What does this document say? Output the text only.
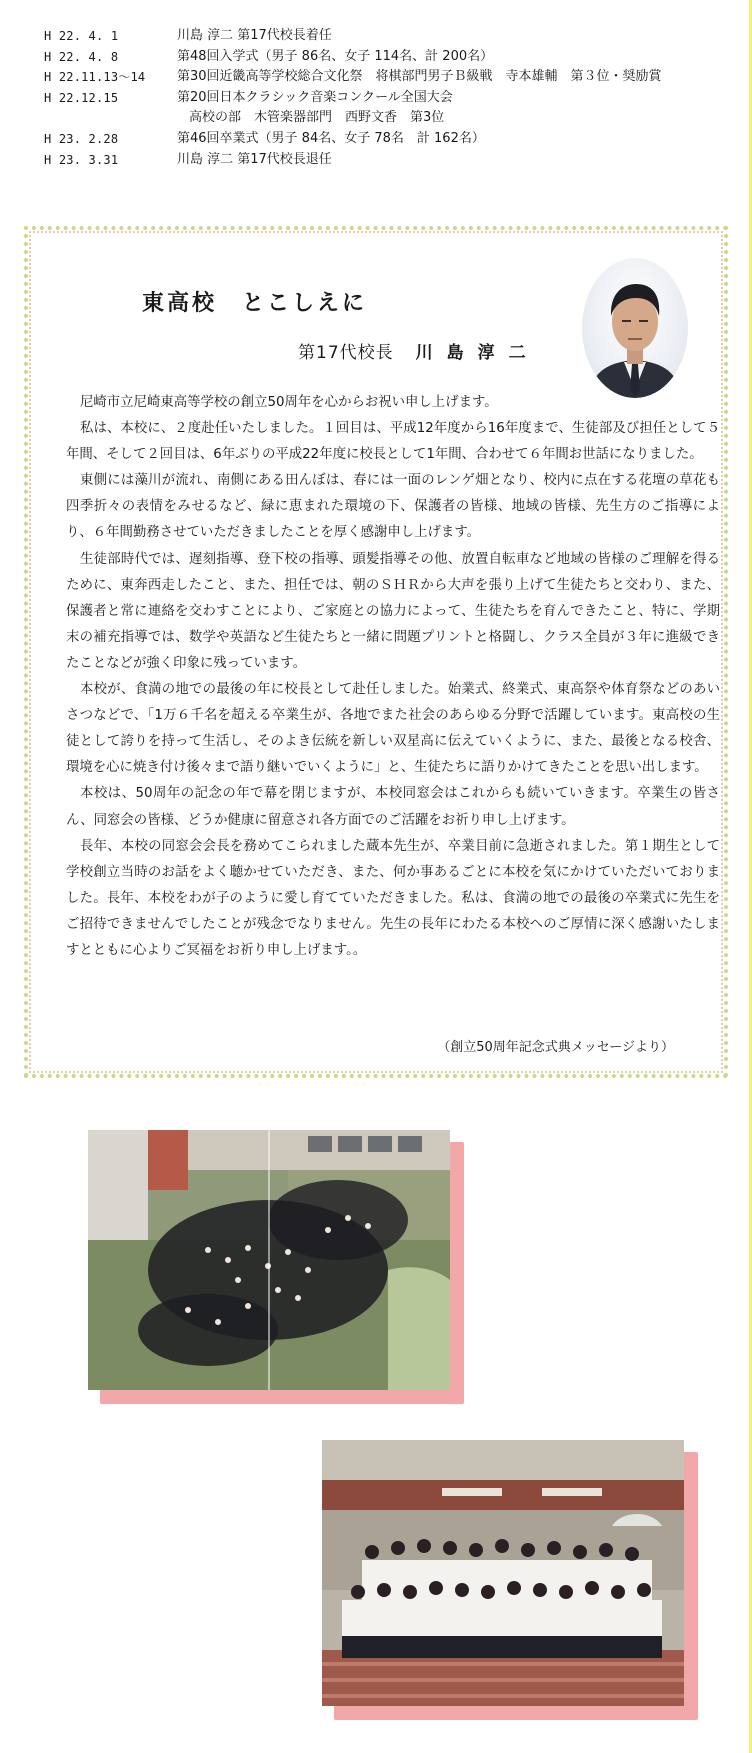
H 22. 4. 1	川島 淳二 第17代校長着任
H 22. 4. 8	第48回入学式（男子 86名、女子 114名、計 200名）
H 22.11.13～14	第30回近畿高等学校総合文化祭　将棋部門男子Ｂ級戦　寺本雄輔　第３位・奨励賞
H 22.12.15	第20回日本クラシック音楽コンクール全国大会
高校の部　木管楽器部門　西野文香　第3位
H 23. 2.28	第46回卒業式（男子 84名、女子 78名　計 162名）
H 23. 3.31	川島 淳二 第17代校長退任
東高校　とこしえに
第17代校長 川島淳二

尼崎市立尼崎東高等学校の創立50周年を心からお祝い申し上げます。

私は、本校に、２度赴任いたしました。１回目は、平成12年度から16年度まで、生徒部及び担任として５年間、そして２回目は、6年ぶりの平成22年度に校長として1年間、合わせて６年間お世話になりました。

東側には藻川が流れ、南側にある田んぼは、春には一面のレンゲ畑となり、校内に点在する花壇の草花も四季折々の表情をみせるなど、緑に恵まれた環境の下、保護者の皆様、地域の皆様、先生方のご指導により、６年間勤務させていただきましたことを厚く感謝申し上げます。

生徒部時代では、遅刻指導、登下校の指導、頭髪指導その他、放置自転車など地域の皆様のご理解を得るために、東奔西走したこと、また、担任では、朝のＳＨＲから大声を張り上げて生徒たちと交わり、また、保護者と常に連絡を交わすことにより、ご家庭との協力によって、生徒たちを育んできたこと、特に、学期末の補充指導では、数学や英語など生徒たちと一緒に問題プリントと格闘し、クラス全員が３年に進級できたことなどが強く印象に残っています。

本校が、食満の地での最後の年に校長として赴任しました。始業式、終業式、東高祭や体育祭などのあいさつなどで、「1万６千名を超える卒業生が、各地でまた社会のあらゆる分野で活躍しています。東高校の生徒として誇りを持って生活し、そのよき伝統を新しい双星高に伝えていくように、また、最後となる校舎、環境を心に焼き付け後々まで語り継いでいくように」と、生徒たちに語りかけてきたことを思い出します。

本校は、50周年の記念の年で幕を閉じますが、本校同窓会はこれからも続いていきます。卒業生の皆さん、同窓会の皆様、どうか健康に留意され各方面でのご活躍をお祈り申し上げます。

長年、本校の同窓会会長を務めてこられました蔵本先生が、卒業目前に急逝されました。第１期生として学校創立当時のお話をよく聴かせていただき、また、何か事あるごとに本校を気にかけていただいておりました。長年、本校をわが子のように愛し育てていただきました。私は、食満の地での最後の卒業式に先生をご招待できませんでしたことが残念でなりません。先生の長年にわたる本校へのご厚情に深く感謝いたしますとともに心よりご冥福をお祈り申し上げます。。

（創立50周年記念式典メッセージより）
